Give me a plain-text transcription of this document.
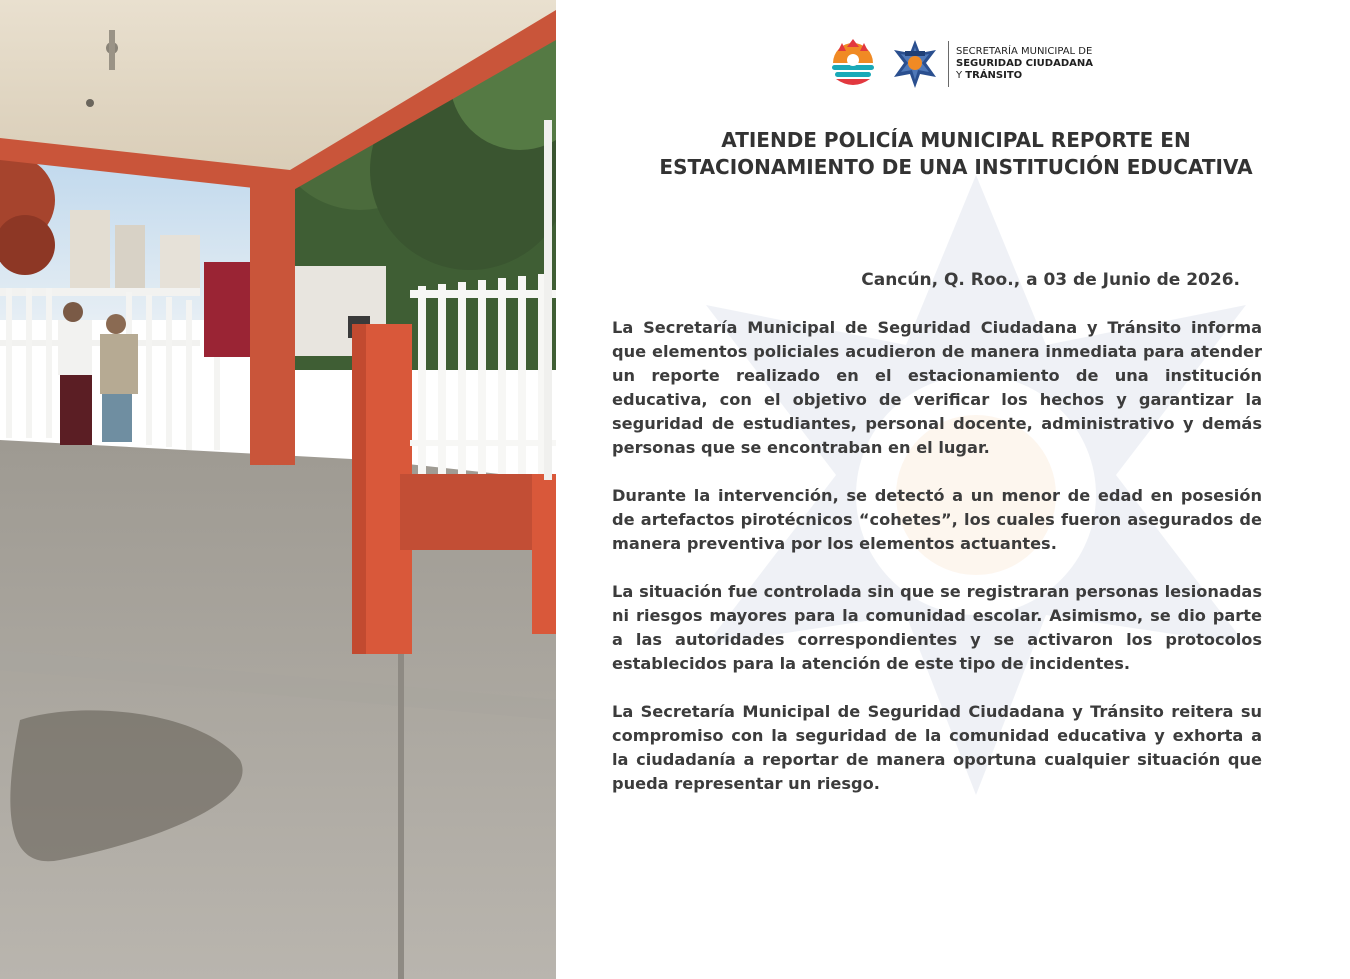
SECRETARÍA MUNICIPAL DE
SEGURIDAD CIUDADANA
Y TRÁNSITO
ATIENDE POLICÍA MUNICIPAL REPORTE EN
ESTACIONAMIENTO DE UNA INSTITUCIÓN EDUCATIVA
Cancún, Q. Roo., a 03 de Junio de 2026.

La Secretaría Municipal de Seguridad Ciudadana y Tránsito informa que elementos policiales acudieron de manera inmediata para atender un reporte realizado en el estacionamiento de una institución educativa, con el objetivo de verificar los hechos y garantizar la seguridad de estudiantes, personal docente, administrativo y demás personas que se encontraban en el lugar.

Durante la intervención, se detectó a un menor de edad en posesión de artefactos pirotécnicos “cohetes”, los cuales fueron asegurados de manera preventiva por los elementos actuantes.

La situación fue controlada sin que se registraran personas lesionadas ni riesgos mayores para la comunidad escolar. Asimismo, se dio parte a las autoridades correspondientes y se activaron los protocolos establecidos para la atención de este tipo de incidentes.

La Secretaría Municipal de Seguridad Ciudadana y Tránsito reitera su compromiso con la seguridad de la comunidad educativa y exhorta a la ciudadanía a reportar de manera oportuna cualquier situación que pueda representar un riesgo.
